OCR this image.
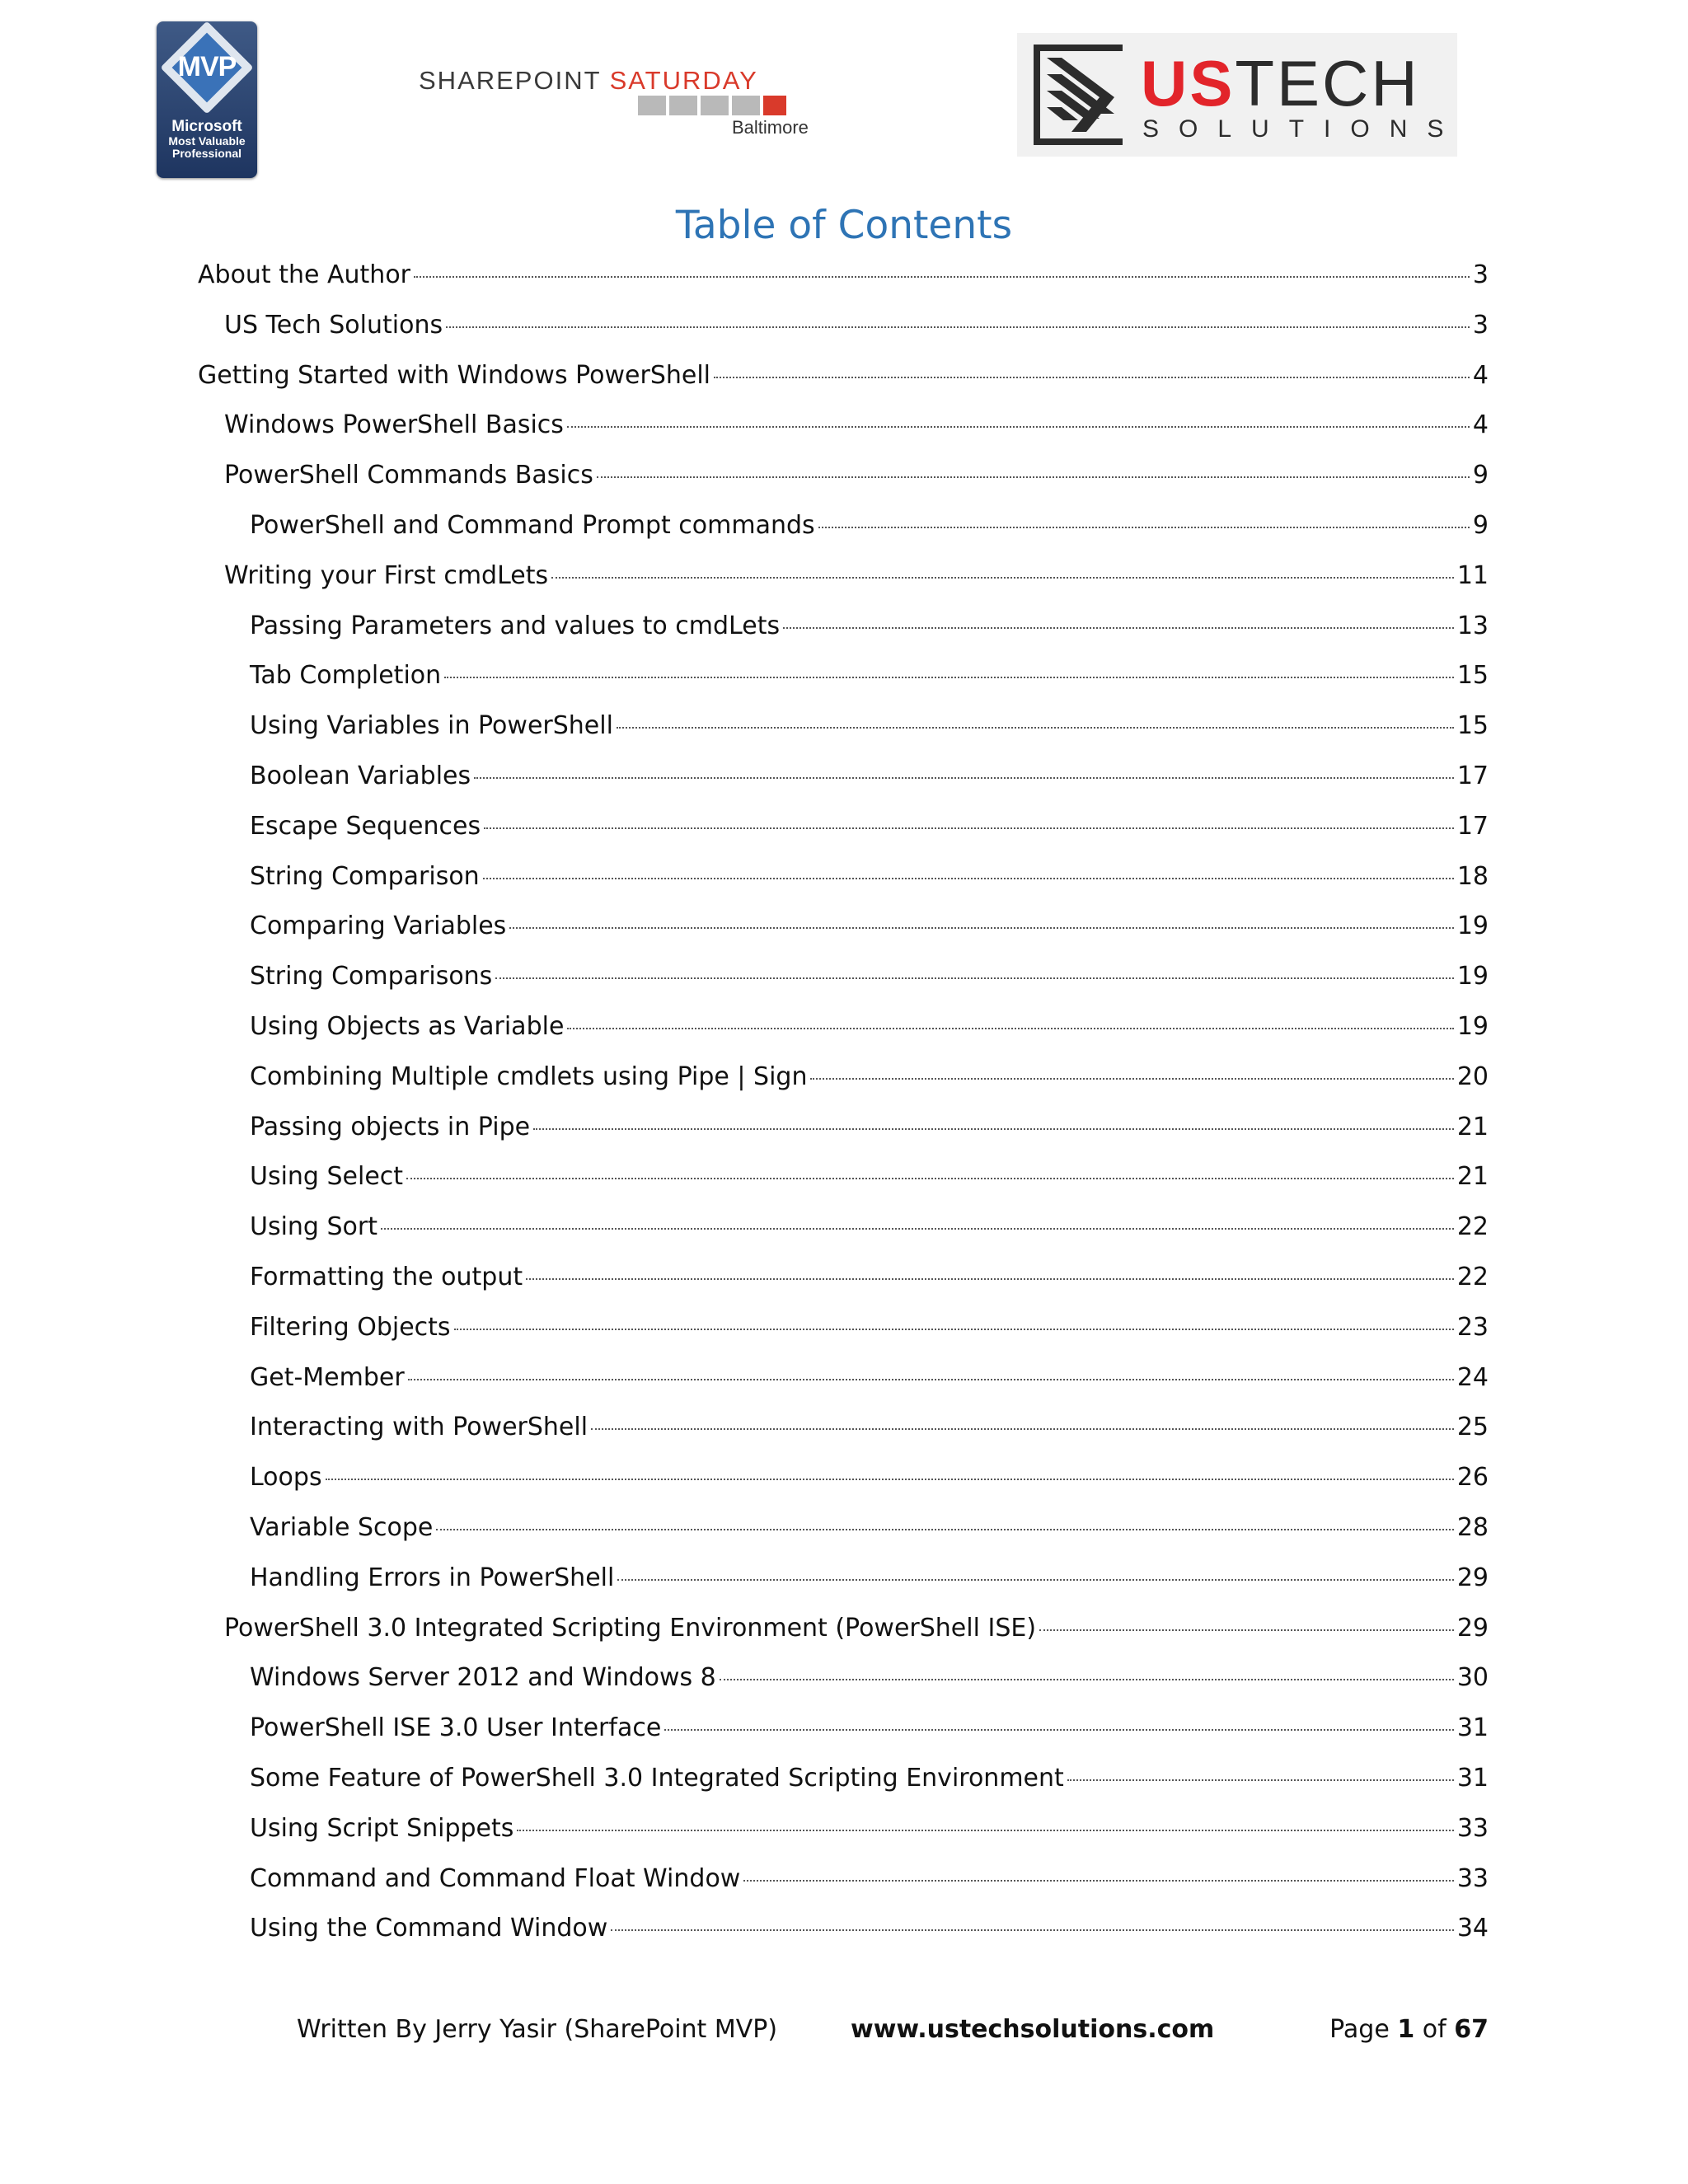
MVP
Microsoft
Most Valuable
Professional
SHAREPOINT SATURDAY
Baltimore
USTECH
SOLUTIONS
Table of Contents
About the Author	3
US Tech Solutions	3
Getting Started with Windows PowerShell	4
Windows PowerShell Basics	4
PowerShell Commands Basics	9
PowerShell and Command Prompt commands	9
Writing your First cmdLets	11
Passing Parameters and values to cmdLets	13
Tab Completion	15
Using Variables in PowerShell	15
Boolean Variables	17
Escape Sequences	17
String Comparison	18
Comparing Variables	19
String Comparisons	19
Using Objects as Variable	19
Combining Multiple cmdlets using Pipe | Sign	20
Passing objects in Pipe	21
Using Select	21
Using Sort	22
Formatting the output	22
Filtering Objects	23
Get-Member	24
Interacting with PowerShell	25
Loops	26
Variable Scope	28
Handling Errors in PowerShell	29
PowerShell 3.0 Integrated Scripting Environment (PowerShell ISE)	29
Windows Server 2012 and Windows 8	30
PowerShell ISE 3.0 User Interface	31
Some Feature of PowerShell 3.0 Integrated Scripting Environment	31
Using Script Snippets	33
Command and Command Float Window	33
Using the Command Window	34
Written By Jerry Yasir (SharePoint MVP)	www.ustechsolutions.com	Page 1 of 67
